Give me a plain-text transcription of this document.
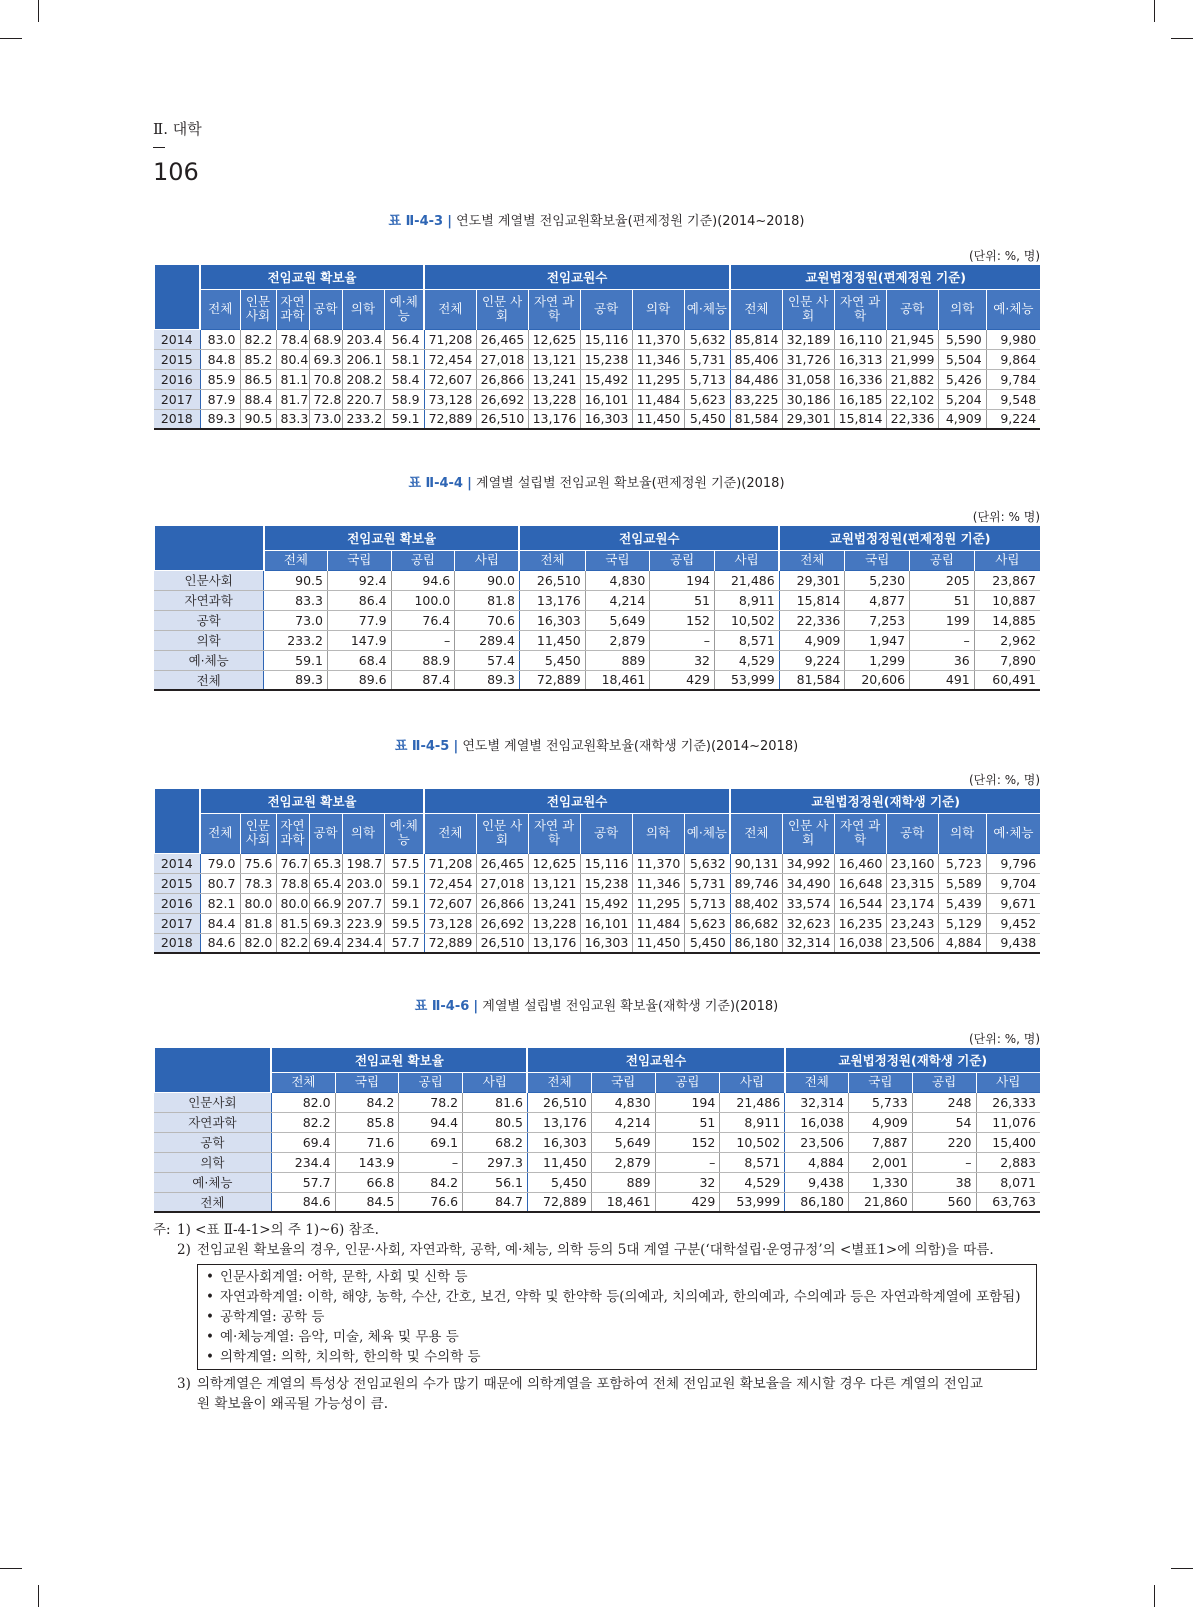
Ⅱ. 대학
106
표 Ⅱ-4-3 | 연도별 계열별 전임교원확보율(편제정원 기준)(2014~2018)
(단위: %, 명)
	전임교원 확보율						전임교원수						교원법정정원(편제정원 기준)					
	전체	인문 사회	자연 과학	공학	의학	예·체능	전체	인문 사회	자연 과학	공학	의학	예·체능	전체	인문 사회	자연 과학	공학	의학	예·체능
2014	83.0	82.2	78.4	68.9	203.4	56.4	71,208	26,465	12,625	15,116	11,370	5,632	85,814	32,189	16,110	21,945	5,590	9,980
2015	84.8	85.2	80.4	69.3	206.1	58.1	72,454	27,018	13,121	15,238	11,346	5,731	85,406	31,726	16,313	21,999	5,504	9,864
2016	85.9	86.5	81.1	70.8	208.2	58.4	72,607	26,866	13,241	15,492	11,295	5,713	84,486	31,058	16,336	21,882	5,426	9,784
2017	87.9	88.4	81.7	72.8	220.7	58.9	73,128	26,692	13,228	16,101	11,484	5,623	83,225	30,186	16,185	22,102	5,204	9,548
2018	89.3	90.5	83.3	73.0	233.2	59.1	72,889	26,510	13,176	16,303	11,450	5,450	81,584	29,301	15,814	22,336	4,909	9,224
표 Ⅱ-4-4 | 계열별 설립별 전임교원 확보율(편제정원 기준)(2018)
(단위: % 명)
	전임교원 확보율				전임교원수				교원법정정원(편제정원 기준)			
	전체	국립	공립	사립	전체	국립	공립	사립	전체	국립	공립	사립
인문사회	90.5	92.4	94.6	90.0	26,510	4,830	194	21,486	29,301	5,230	205	23,867
자연과학	83.3	86.4	100.0	81.8	13,176	4,214	51	8,911	15,814	4,877	51	10,887
공학	73.0	77.9	76.4	70.6	16,303	5,649	152	10,502	22,336	7,253	199	14,885
의학	233.2	147.9	–	289.4	11,450	2,879	–	8,571	4,909	1,947	–	2,962
예·체능	59.1	68.4	88.9	57.4	5,450	889	32	4,529	9,224	1,299	36	7,890
전체	89.3	89.6	87.4	89.3	72,889	18,461	429	53,999	81,584	20,606	491	60,491
표 Ⅱ-4-5 | 연도별 계열별 전임교원확보율(재학생 기준)(2014~2018)
(단위: %, 명)
	전임교원 확보율						전임교원수						교원법정정원(재학생 기준)					
	전체	인문 사회	자연 과학	공학	의학	예·체능	전체	인문 사회	자연 과학	공학	의학	예·체능	전체	인문 사회	자연 과학	공학	의학	예·체능
2014	79.0	75.6	76.7	65.3	198.7	57.5	71,208	26,465	12,625	15,116	11,370	5,632	90,131	34,992	16,460	23,160	5,723	9,796
2015	80.7	78.3	78.8	65.4	203.0	59.1	72,454	27,018	13,121	15,238	11,346	5,731	89,746	34,490	16,648	23,315	5,589	9,704
2016	82.1	80.0	80.0	66.9	207.7	59.1	72,607	26,866	13,241	15,492	11,295	5,713	88,402	33,574	16,544	23,174	5,439	9,671
2017	84.4	81.8	81.5	69.3	223.9	59.5	73,128	26,692	13,228	16,101	11,484	5,623	86,682	32,623	16,235	23,243	5,129	9,452
2018	84.6	82.0	82.2	69.4	234.4	57.7	72,889	26,510	13,176	16,303	11,450	5,450	86,180	32,314	16,038	23,506	4,884	9,438
표 Ⅱ-4-6 | 계열별 설립별 전임교원 확보율(재학생 기준)(2018)
(단위: %, 명)
	전임교원 확보율				전임교원수				교원법정정원(재학생 기준)			
	전체	국립	공립	사립	전체	국립	공립	사립	전체	국립	공립	사립
인문사회	82.0	84.2	78.2	81.6	26,510	4,830	194	21,486	32,314	5,733	248	26,333
자연과학	82.2	85.8	94.4	80.5	13,176	4,214	51	8,911	16,038	4,909	54	11,076
공학	69.4	71.6	69.1	68.2	16,303	5,649	152	10,502	23,506	7,887	220	15,400
의학	234.4	143.9	–	297.3	11,450	2,879	–	8,571	4,884	2,001	–	2,883
예·체능	57.7	66.8	84.2	56.1	5,450	889	32	4,529	9,438	1,330	38	8,071
전체	84.6	84.5	76.6	84.7	72,889	18,461	429	53,999	86,180	21,860	560	63,763
주: 1)
<표 Ⅱ-4-1>의 주 1)~6) 참조.
2) 전임교원 확보율의 경우, 인문·사회, 자연과학, 공학, 예·체능, 의학 등의 5대 계열 구분(‘대학설립·운영규정’의 <별표1>에 의함)을 따름.
• 인문사회계열: 어학, 문학, 사회 및 신학 등
• 자연과학계열: 이학, 해양, 농학, 수산, 간호, 보건, 약학 및 한약학 등(의예과, 치의예과, 한의예과, 수의예과 등은 자연과학계열에 포함됨)
• 공학계열: 공학 등
• 예·체능계열: 음악, 미술, 체육 및 무용 등
• 의학계열: 의학, 치의학, 한의학 및 수의학 등
3) 의학계열은 계열의 특성상 전임교원의 수가 많기 때문에 의학계열을 포함하여 전체 전임교원 확보율을 제시할 경우 다른 계열의 전임교
원 확보율이 왜곡될 가능성이 큼.
